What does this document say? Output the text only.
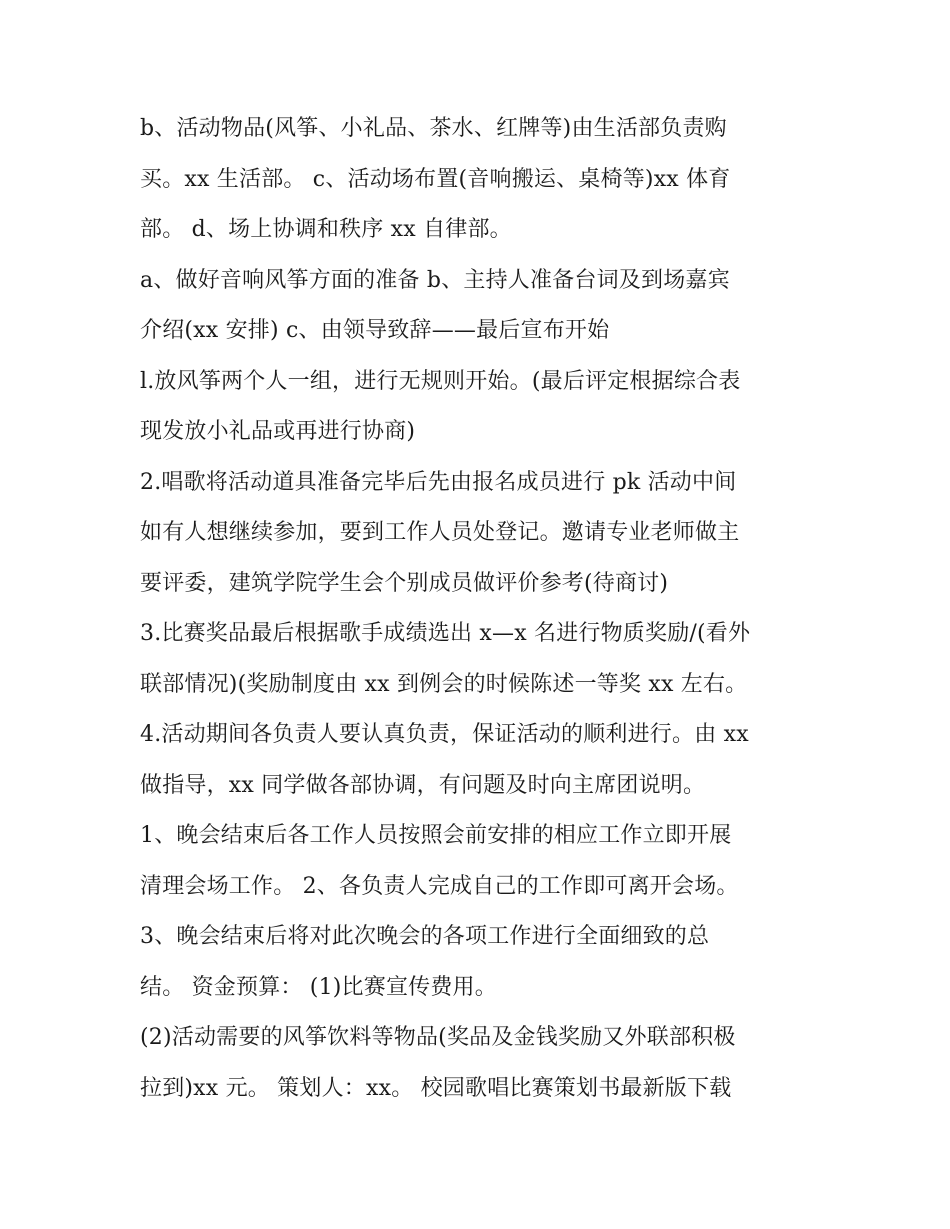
b、活动物品(风筝、小礼品、茶水、红牌等)由生活部负责购
买。xx 生活部。 c、活动场布置(音响搬运、桌椅等)xx 体育
部。 d、场上协调和秩序 xx 自律部。
a、做好音响风筝方面的准备 b、主持人准备台词及到场嘉宾
介绍(xx 安排) c、由领导致辞——最后宣布开始
l.放风筝两个人一组，进行无规则开始。(最后评定根据综合表
现发放小礼品或再进行协商)
2.唱歌将活动道具准备完毕后先由报名成员进行 pk 活动中间
如有人想继续参加，要到工作人员处登记。邀请专业老师做主
要评委，建筑学院学生会个别成员做评价参考(待商讨)
3.比赛奖品最后根据歌手成绩选出 x—x 名进行物质奖励/(看外
联部情况)(奖励制度由 xx 到例会的时候陈述一等奖 xx 左右。
4.活动期间各负责人要认真负责，保证活动的顺利进行。由 xx
做指导，xx 同学做各部协调，有问题及时向主席团说明。
1、晚会结束后各工作人员按照会前安排的相应工作立即开展
清理会场工作。 2、各负责人完成自己的工作即可离开会场。
3、晚会结束后将对此次晚会的各项工作进行全面细致的总
结。 资金预算： (1)比赛宣传费用。
(2)活动需要的风筝饮料等物品(奖品及金钱奖励又外联部积极
拉到)xx 元。 策划人：xx。 校园歌唱比赛策划书最新版下载
